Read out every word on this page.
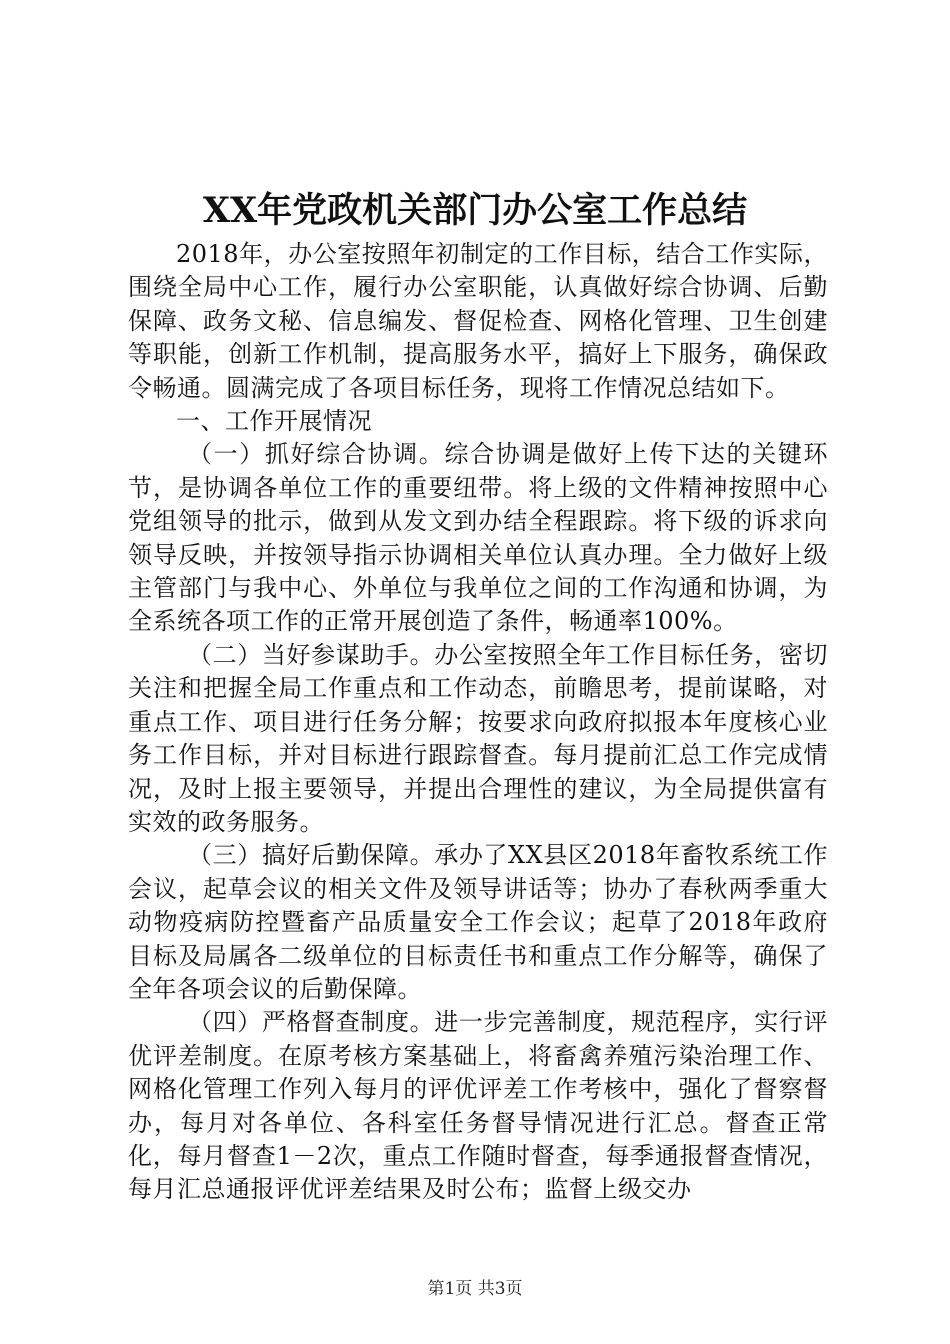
XX年党政机关部门办公室工作总结

2018年，办公室按照年初制定的工作目标，结合工作实际，围绕全局中心工作，履行办公室职能，认真做好综合协调、后勤保障、政务文秘、信息编发、督促检查、网格化管理、卫生创建等职能，创新工作机制，提高服务水平，搞好上下服务，确保政令畅通。圆满完成了各项目标任务，现将工作情况总结如下。

一、工作开展情况

（一）抓好综合协调。综合协调是做好上传下达的关键环节，是协调各单位工作的重要纽带。将上级的文件精神按照中心党组领导的批示，做到从发文到办结全程跟踪。将下级的诉求向领导反映，并按领导指示协调相关单位认真办理。全力做好上级主管部门与我中心、外单位与我单位之间的工作沟通和协调，为全系统各项工作的正常开展创造了条件，畅通率100%。

（二）当好参谋助手。办公室按照全年工作目标任务，密切关注和把握全局工作重点和工作动态，前瞻思考，提前谋略，对重点工作、项目进行任务分解；按要求向政府拟报本年度核心业务工作目标，并对目标进行跟踪督查。每月提前汇总工作完成情况，及时上报主要领导，并提出合理性的建议，为全局提供富有实效的政务服务。

（三）搞好后勤保障。承办了XX县区2018年畜牧系统工作会议，起草会议的相关文件及领导讲话等；协办了春秋两季重大动物疫病防控暨畜产品质量安全工作会议；起草了2018年政府目标及局属各二级单位的目标责任书和重点工作分解等，确保了全年各项会议的后勤保障。

（四）严格督查制度。进一步完善制度，规范程序，实行评优评差制度。在原考核方案基础上，将畜禽养殖污染治理工作、网格化管理工作列入每月的评优评差工作考核中，强化了督察督办，每月对各单位、各科室任务督导情况进行汇总。督查正常化，每月督查1－2次，重点工作随时督查，每季通报督查情况，每月汇总通报评优评差结果及时公布；监督上级交办

第1页 共3页
